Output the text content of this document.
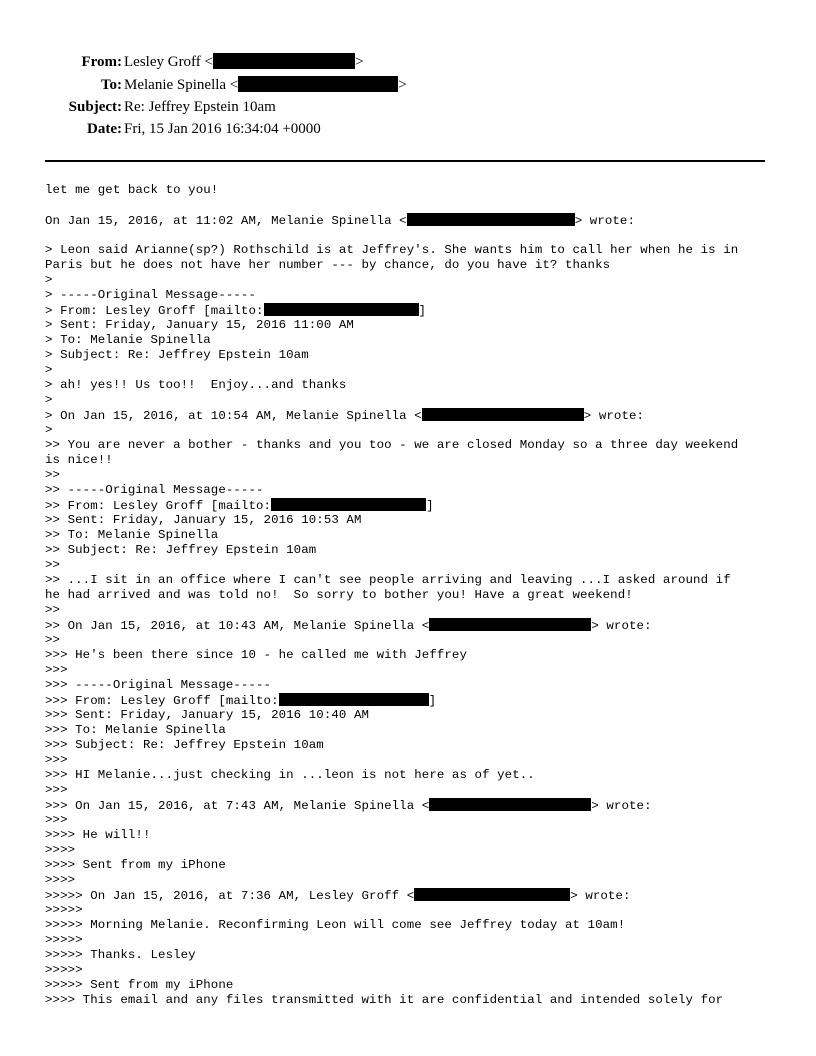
From: Lesley Groff <	>
To: Melanie Spinella <	>
Subject: Re: Jeffrey Epstein 10am
Date: Fri, 15 Jan 2016 16:34:04 +0000
let me get back to you!
On Jan 15, 2016, at 11:02 AM, Melanie Spinella <	> wrote:
> Leon said Arianne(sp?) Rothschild is at Jeffrey's. She wants him to call her when he is in
Paris but he does not have her number --- by chance, do you have it? thanks
>
> -----Original Message-----
> From: Lesley Groff [mailto:	]
> Sent: Friday, January 15, 2016 11:00 AM
> To: Melanie Spinella
> Subject: Re: Jeffrey Epstein 10am
>
> ah! yes!! Us too!!  Enjoy...and thanks
>
> On Jan 15, 2016, at 10:54 AM, Melanie Spinella <	> wrote:
>
>> You are never a bother - thanks and you too - we are closed Monday so a three day weekend
is nice!!
>>
>> -----Original Message-----
>> From: Lesley Groff [mailto:	]
>> Sent: Friday, January 15, 2016 10:53 AM
>> To: Melanie Spinella
>> Subject: Re: Jeffrey Epstein 10am
>>
>> ...I sit in an office where I can't see people arriving and leaving ...I asked around if
he had arrived and was told no!  So sorry to bother you! Have a great weekend!
>>
>> On Jan 15, 2016, at 10:43 AM, Melanie Spinella <	> wrote:
>>
>>> He's been there since 10 - he called me with Jeffrey
>>>
>>> -----Original Message-----
>>> From: Lesley Groff [mailto:	]
>>> Sent: Friday, January 15, 2016 10:40 AM
>>> To: Melanie Spinella
>>> Subject: Re: Jeffrey Epstein 10am
>>>
>>> HI Melanie...just checking in ...leon is not here as of yet..
>>>
>>> On Jan 15, 2016, at 7:43 AM, Melanie Spinella <	> wrote:
>>>
>>>> He will!!
>>>>
>>>> Sent from my iPhone
>>>>
>>>>> On Jan 15, 2016, at 7:36 AM, Lesley Groff <	> wrote:
>>>>>
>>>>> Morning Melanie. Reconfirming Leon will come see Jeffrey today at 10am!
>>>>>
>>>>> Thanks. Lesley
>>>>>
>>>>> Sent from my iPhone
>>>> This email and any files transmitted with it are confidential and intended solely for
